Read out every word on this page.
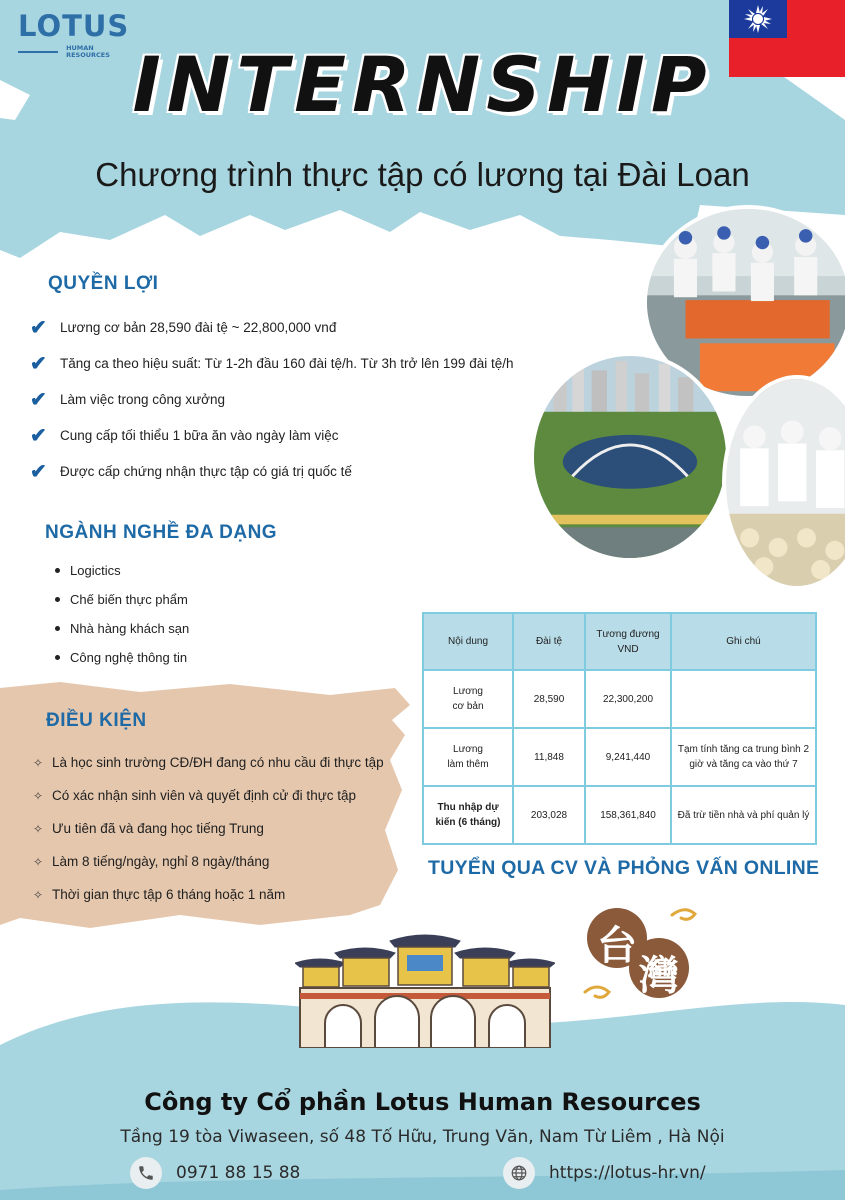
LOTUS
HUMAN
RESOURCES INTERNSHIP
Chương trình thực tập có lương tại Đài Loan
QUYỀN LỢI
✔ Lương cơ bản 28,590 đài tệ ~ 22,800,000 vnđ
✔ Tăng ca theo hiệu suất: Từ 1-2h đầu 160 đài tệ/h. Từ 3h trở lên 199 đài tệ/h
✔ Làm việc trong công xưởng
✔ Cung cấp tối thiểu 1 bữa ăn vào ngày làm việc
✔ Được cấp chứng nhận thực tập có giá trị quốc tế
NGÀNH NGHỀ ĐA DẠNG
Logictics
Chế biến thực phẩm
Nhà hàng khách sạn
Công nghệ thông tin
Nội dung	Đài tệ	Tương đương VND	Ghi chú
Lương
cơ bản	28,590	22,300,200	
Lương
làm thêm	11,848	9,241,440	Tạm tính tăng ca trung bình 2 giờ và tăng ca vào thứ 7
Thu nhập dự
kiến (6 tháng)	203,028	158,361,840	Đã trừ tiền nhà và phí quản lý
ĐIỀU KIỆN
✧ Là học sinh trường CĐ/ĐH đang có nhu cầu đi thực tập
✧ Có xác nhận sinh viên và quyết định cử đi thực tập
✧ Ưu tiên đã và đang học tiếng Trung
✧ Làm 8 tiếng/ngày, nghỉ 8 ngày/tháng
✧ Thời gian thực tập 6 tháng hoặc 1 năm
TUYỂN QUA CV VÀ PHỎNG VẤN ONLINE
台
灣
Công ty Cổ phần Lotus Human Resources
Tầng 19 tòa Viwaseen, số 48 Tố Hữu, Trung Văn, Nam Từ Liêm , Hà Nội
0971 88 15 88	https://lotus-hr.vn/
